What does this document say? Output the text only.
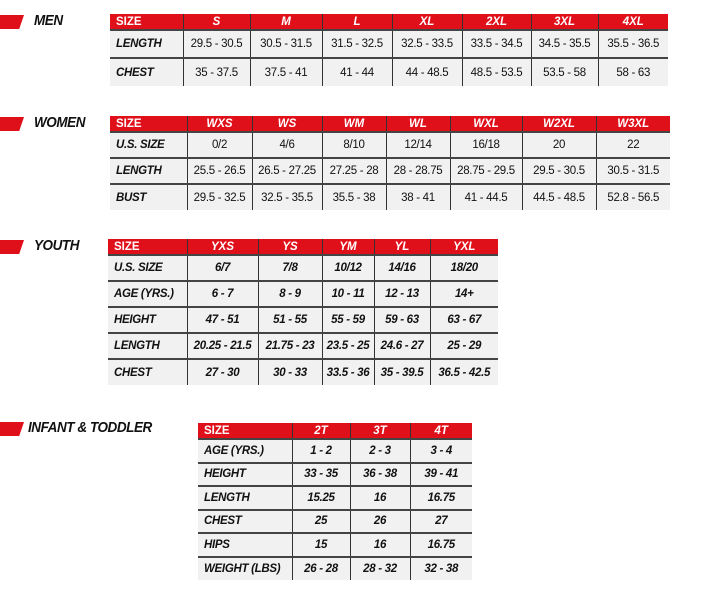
MEN	SIZE	S	M	L	XL	2XL	3XL	4XL
LENGTH	29.5 - 30.5	30.5 - 31.5	31.5 - 32.5	32.5 - 33.5	33.5 - 34.5	34.5 - 35.5	35.5 - 36.5
CHEST	35 - 37.5	37.5 - 41	41 - 44	44 - 48.5	48.5 - 53.5	53.5 - 58	58 - 63
WOMEN	SIZE	WXS	WS	WM	WL	WXL	W2XL	W3XL
U.S. SIZE	0/2	4/6	8/10	12/14	16/18	20	22
LENGTH	25.5 - 26.5	26.5 - 27.25	27.25 - 28	28 - 28.75	28.75 - 29.5	29.5 - 30.5	30.5 - 31.5
BUST	29.5 - 32.5	32.5 - 35.5	35.5 - 38	38 - 41	41 - 44.5	44.5 - 48.5	52.8 - 56.5
YOUTH	SIZE	YXS	YS	YM	YL	YXL
U.S. SIZE	6/7	7/8	10/12	14/16	18/20
AGE (YRS.)	6 - 7	8 - 9	10 - 11	12 - 13	14+
HEIGHT	47 - 51	51 - 55	55 - 59	59 - 63	63 - 67
LENGTH	20.25 - 21.5	21.75 - 23	23.5 - 25	24.6 - 27	25 - 29
CHEST	27 - 30	30 - 33	33.5 - 36	35 - 39.5	36.5 - 42.5
INFANT & TODDLER	SIZE	2T	3T	4T
AGE (YRS.)	1 - 2	2 - 3	3 - 4
HEIGHT	33 - 35	36 - 38	39 - 41
LENGTH	15.25	16	16.75
CHEST	25	26	27
HIPS	15	16	16.75
WEIGHT (LBS)	26 - 28	28 - 32	32 - 38
